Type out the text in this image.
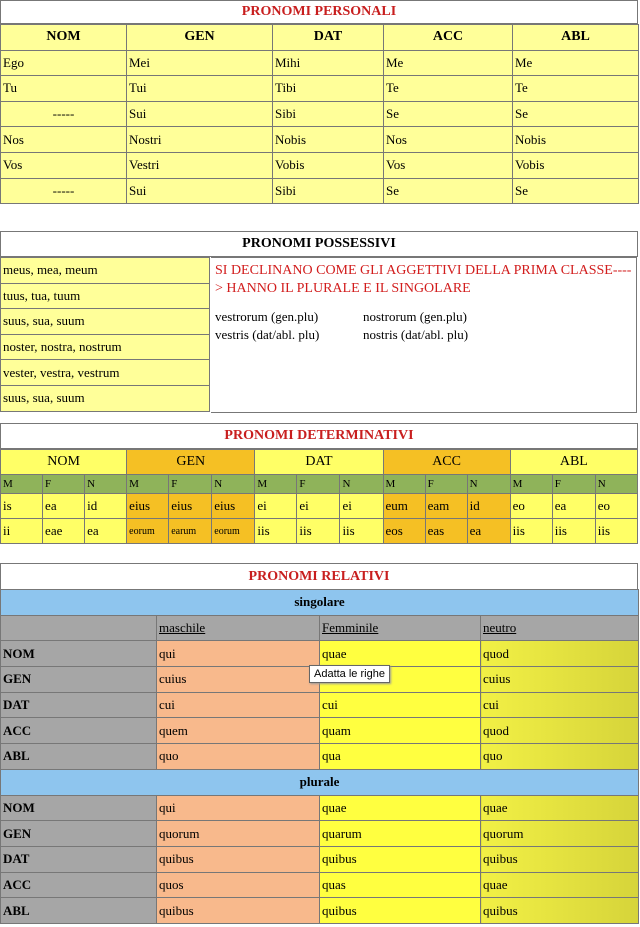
PRONOMI PERSONALI
NOM	GEN	DAT	ACC	ABL
Ego	Mei	Mihi	Me	Me
Tu	Tui	Tibi	Te	Te
-----	Sui	Sibi	Se	Se
Nos	Nostri	Nobis	Nos	Nobis
Vos	Vestri	Vobis	Vos	Vobis
-----	Sui	Sibi	Se	Se
PRONOMI POSSESSIVI
meus, mea, meum
tuus, tua, tuum
suus, sua, suum
noster, nostra, nostrum
vester, vestra, vestrum
suus, sua, suum
SI DECLINANO COME GLI AGGETTIVI DELLA PRIMA CLASSE----> HANNO IL PLURALE E IL SINGOLARE
vestrorum (gen.plu)	nostrorum (gen.plu)
vestris (dat/abl. plu)	nostris (dat/abl. plu)
PRONOMI DETERMINATIVI
NOM			GEN			DAT			ACC			ABL		
M	F	N	M	F	N	M	F	N	M	F	N	M	F	N
is	ea	id	eius	eius	eius	ei	ei	ei	eum	eam	id	eo	ea	eo
ii	eae	ea	eorum	earum	eorum	iis	iis	iis	eos	eas	ea	iis	iis	iis
PRONOMI RELATIVI
singolare			
	maschile	Femminile	neutro
NOM	qui	quae	quod
GEN	cuius		cuius
DAT	cui	cui	cui
ACC	quem	quam	quod
ABL	quo	qua	quo
plurale			
NOM	qui	quae	quae
GEN	quorum	quarum	quorum
DAT	quibus	quibus	quibus
ACC	quos	quas	quae
ABL	quibus	quibus	quibus
Adatta le righe
